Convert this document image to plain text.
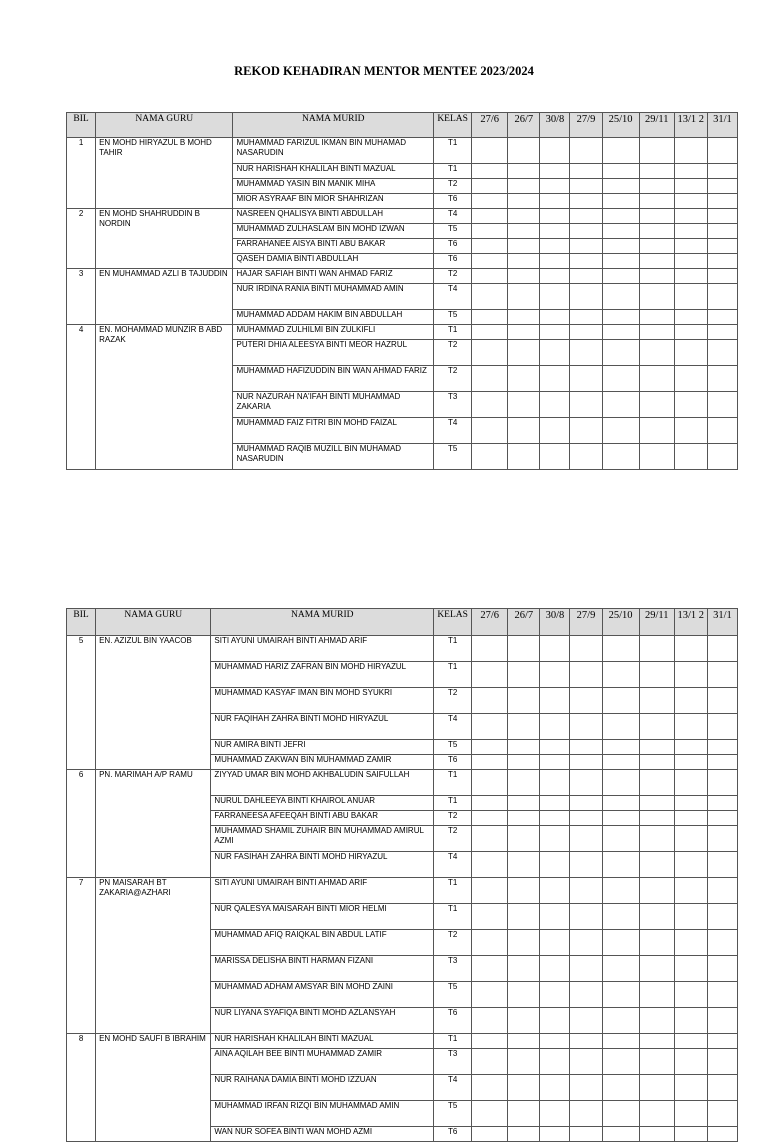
REKOD KEHADIRAN MENTOR MENTEE 2023/2024
BIL	NAMA GURU	NAMA MURID	KELAS	27/6	26/7	30/8	27/9	25/10	29/11	13/1 2	31/1
1	EN MOHD HIRYAZUL B MOHD TAHIR	MUHAMMAD FARIZUL IKMAN BIN MUHAMAD NASARUDIN	T1								
		NUR HARISHAH KHALILAH BINTI MAZUAL	T1								
		MUHAMMAD YASIN BIN MANIK MIHA	T2								
		MIOR ASYRAAF BIN MIOR SHAHRIZAN	T6								
2	EN MOHD SHAHRUDDIN B NORDIN	NASREEN QHALISYA BINTI ABDULLAH	T4								
		MUHAMMAD ZULHASLAM BIN MOHD IZWAN	T5								
		FARRAHANEE AISYA BINTI ABU BAKAR	T6								
		QASEH DAMIA BINTI ABDULLAH	T6								
3	EN MUHAMMAD AZLI B TAJUDDIN	HAJAR SAFIAH BINTI WAN AHMAD FARIZ	T2								
		NUR IRDINA RANIA BINTI MUHAMMAD AMIN	T4								
		MUHAMMAD ADDAM HAKIM BIN ABDULLAH	T5								
4	EN. MOHAMMAD MUNZIR B ABD RAZAK	MUHAMMAD ZULHILMI BIN ZULKIFLI	T1								
		PUTERI DHIA ALEESYA BINTI MEOR HAZRUL	T2								
		MUHAMMAD HAFIZUDDIN BIN WAN AHMAD FARIZ	T2								
		NUR NAZURAH NA'IFAH BINTI MUHAMMAD ZAKARIA	T3								
		MUHAMMAD FAIZ FITRI BIN MOHD FAIZAL	T4								
		MUHAMMAD RAQIB MUZILL BIN MUHAMAD NASARUDIN	T5								
BIL	NAMA GURU	NAMA MURID	KELAS	27/6	26/7	30/8	27/9	25/10	29/11	13/1 2	31/1
5	EN. AZIZUL BIN YAACOB	SITI AYUNI UMAIRAH BINTI AHMAD ARIF	T1								
		MUHAMMAD HARIZ ZAFRAN BIN MOHD HIRYAZUL	T1								
		MUHAMMAD KASYAF IMAN BIN MOHD SYUKRI	T2								
		NUR FAQIHAH ZAHRA BINTI MOHD HIRYAZUL	T4								
		NUR AMIRA BINTI JEFRI	T5								
		MUHAMMAD ZAKWAN BIN MUHAMMAD ZAMIR	T6								
6	PN. MARIMAH A/P RAMU	ZIYYAD UMAR BIN MOHD AKHBALUDIN SAIFULLAH	T1								
		NURUL DAHLEEYA BINTI KHAIROL ANUAR	T1								
		FARRANEESA AFEEQAH BINTI ABU BAKAR	T2								
		MUHAMMAD SHAMIL ZUHAIR BIN MUHAMMAD AMIRUL AZMI	T2								
		NUR FASIHAH ZAHRA BINTI MOHD HIRYAZUL	T4								
7	PN MAISARAH BT ZAKARIA@AZHARI	SITI AYUNI UMAIRAH BINTI AHMAD ARIF	T1								
		NUR QALESYA MAISARAH BINTI MIOR HELMI	T1								
		MUHAMMAD AFIQ RAIQKAL BIN ABDUL LATIF	T2								
		MARISSA DELISHA BINTI HARMAN FIZANI	T3								
		MUHAMMAD ADHAM AMSYAR BIN MOHD ZAINI	T5								
		NUR LIYANA SYAFIQA BINTI MOHD AZLANSYAH	T6								
8	EN MOHD SAUFI B IBRAHIM	NUR HARISHAH KHALILAH BINTI MAZUAL	T1								
		AINA AQILAH BEE BINTI MUHAMMAD ZAMIR	T3								
		NUR RAIHANA DAMIA BINTI MOHD IZZUAN	T4								
		MUHAMMAD IRFAN RIZQI BIN MUHAMMAD AMIN	T5								
		WAN NUR SOFEA BINTI WAN MOHD AZMI	T6								
